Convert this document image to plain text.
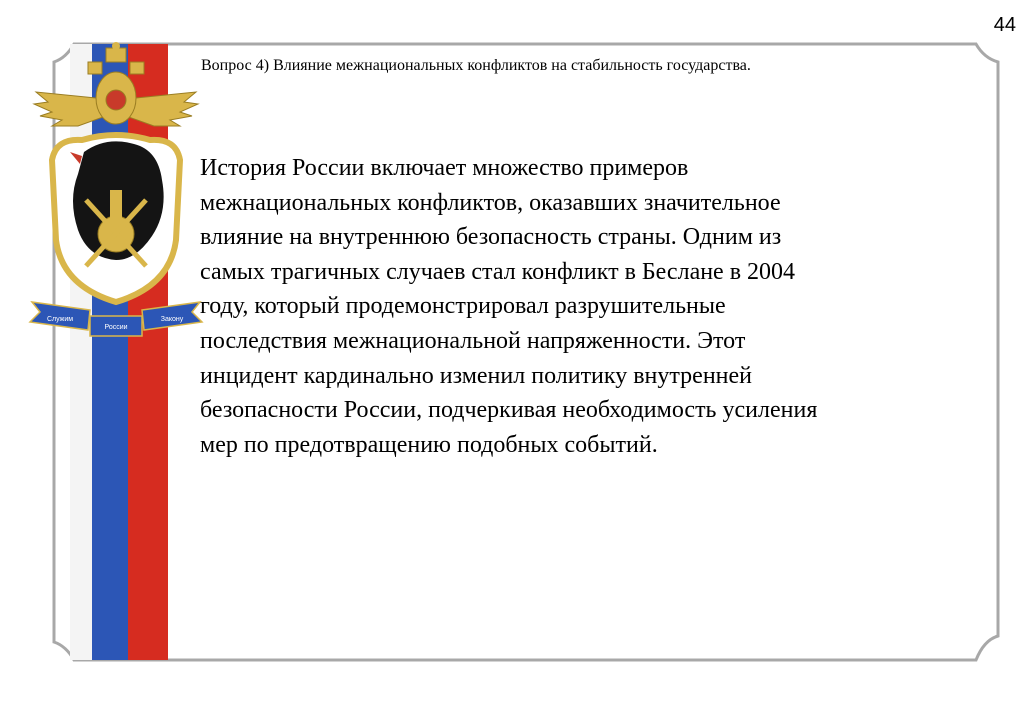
44
Служим
России
Закону
Вопрос 4) Влияние межнациональных конфликтов на стабильность государства.
История России включает множество примеров
межнациональных конфликтов, оказавших значительное
влияние на внутреннюю безопасность страны. Одним из
самых трагичных случаев стал конфликт в Беслане в 2004
году, который продемонстрировал разрушительные
последствия межнациональной напряженности. Этот
инцидент кардинально изменил политику внутренней
безопасности России, подчеркивая необходимость усиления
мер по предотвращению подобных событий.
